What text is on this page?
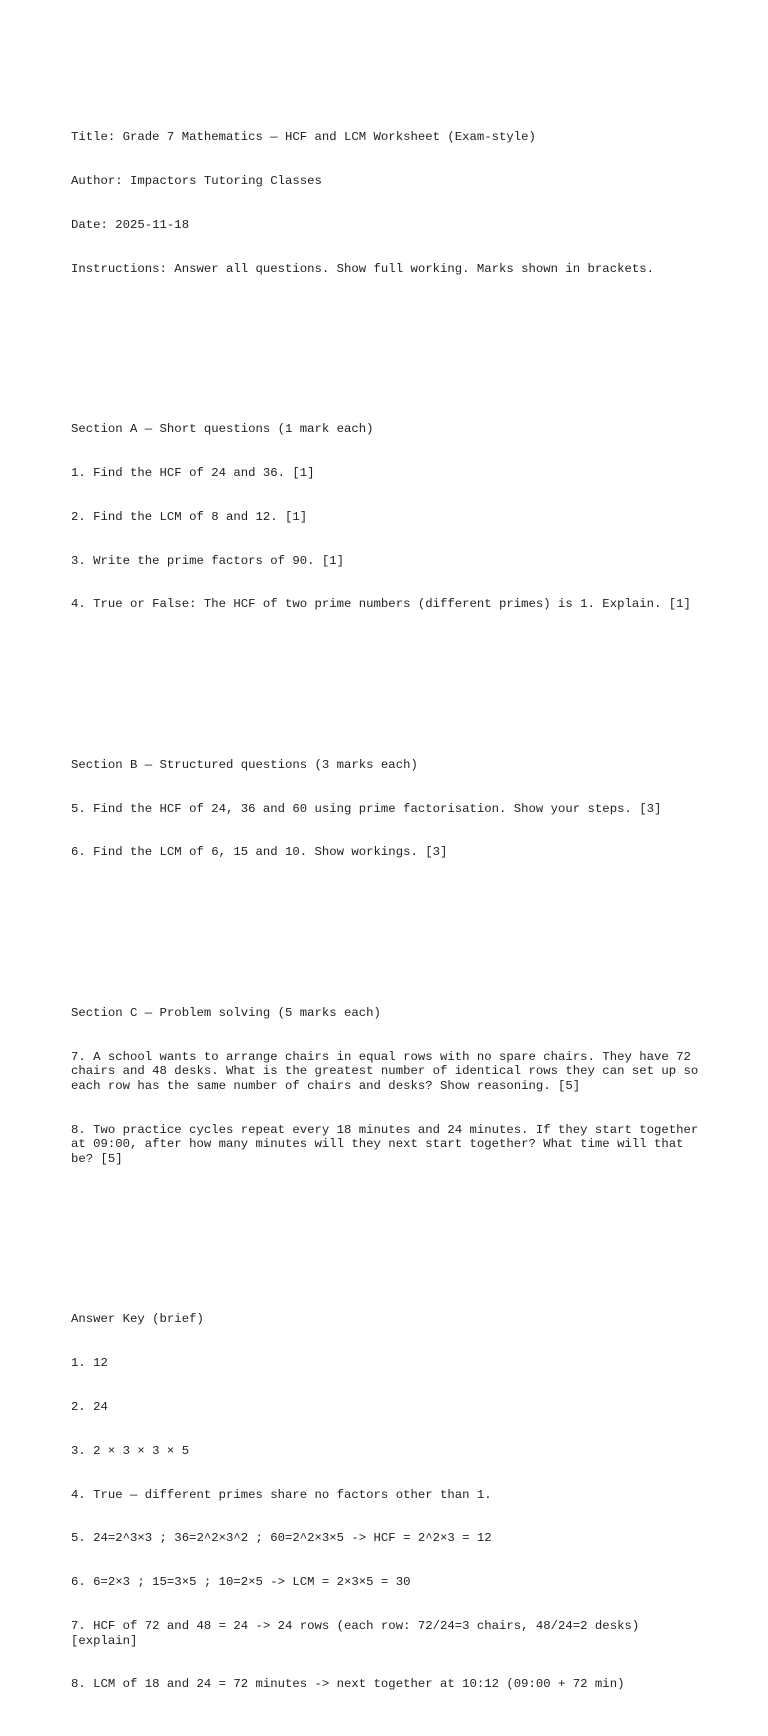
Title: Grade 7 Mathematics — HCF and LCM Worksheet (Exam-style)

Author: Impactors Tutoring Classes

Date: 2025-11-18

Instructions: Answer all questions. Show full working. Marks shown in brackets.

Section A — Short questions (1 mark each)

1. Find the HCF of 24 and 36. [1]

2. Find the LCM of 8 and 12. [1]

3. Write the prime factors of 90. [1]

4. True or False: The HCF of two prime numbers (different primes) is 1. Explain. [1]

Section B — Structured questions (3 marks each)

5. Find the HCF of 24, 36 and 60 using prime factorisation. Show your steps. [3]

6. Find the LCM of 6, 15 and 10. Show workings. [3]

Section C — Problem solving (5 marks each)

7. A school wants to arrange chairs in equal rows with no spare chairs. They have 72 chairs and 48 desks. What is the greatest number of identical rows they can set up so each row has the same number of chairs and desks? Show reasoning. [5]

8. Two practice cycles repeat every 18 minutes and 24 minutes. If they start together at 09:00, after how many minutes will they next start together? What time will that be? [5]

Answer Key (brief)

1. 12

2. 24

3. 2 × 3 × 3 × 5

4. True — different primes share no factors other than 1.

5. 24=2^3×3 ; 36=2^2×3^2 ; 60=2^2×3×5 -> HCF = 2^2×3 = 12

6. 6=2×3 ; 15=3×5 ; 10=2×5 -> LCM = 2×3×5 = 30

7. HCF of 72 and 48 = 24 -> 24 rows (each row: 72/24=3 chairs, 48/24=2 desks) [explain]

8. LCM of 18 and 24 = 72 minutes -> next together at 10:12 (09:00 + 72 min)
